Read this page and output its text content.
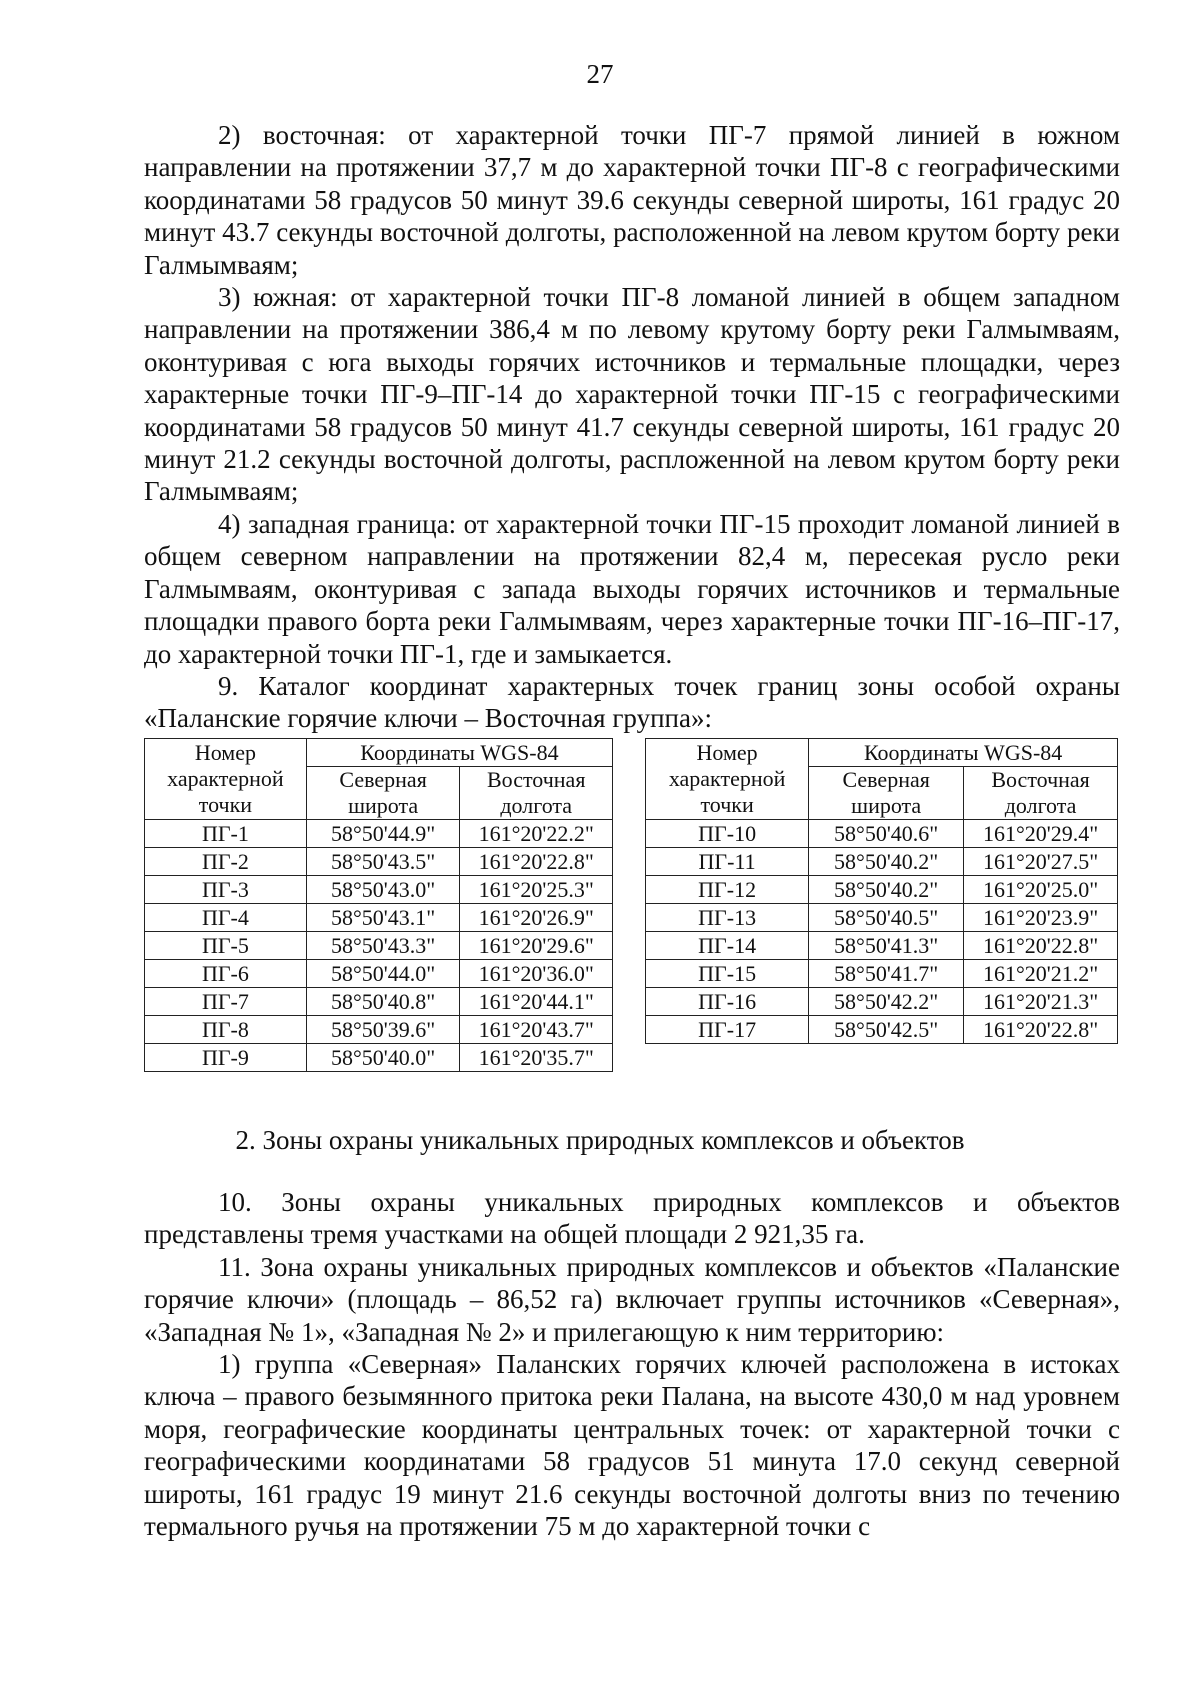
27

2) восточная: от характерной точки ПГ-7 прямой линией в южном направлении на протяжении 37,7 м до характерной точки ПГ-8 с географическими координатами 58 градусов 50 минут 39.6 секунды северной широты, 161 градус 20 минут 43.7 секунды восточной долготы, расположенной на левом крутом борту реки Галмымваям;

3) южная: от характерной точки ПГ-8 ломаной линией в общем западном направлении на протяжении 386,4 м по левому крутому борту реки Галмымваям, оконтуривая с юга выходы горячих источников и термальные площадки, через характерные точки ПГ-9–ПГ-14 до характерной точки ПГ-15 с географическими координатами 58 градусов 50 минут 41.7 секунды северной широты, 161 градус 20 минут 21.2 секунды восточной долготы, распложенной на левом крутом борту реки Галмымваям;

4) западная граница: от характерной точки ПГ-15 проходит ломаной линией в общем северном направлении на протяжении 82,4 м, пересекая русло реки Галмымваям, оконтуривая с запада выходы горячих источников и термальные площадки правого борта реки Галмымваям, через характерные точки ПГ-16–ПГ-17, до характерной точки ПГ-1, где и замыкается.

9. Каталог координат характерных точек границ зоны особой охраны «Паланские горячие ключи – Восточная группа»:

Номер характерной точки	Координаты WGS-84	
	Северная широта	Восточная долгота
ПГ-1	58°50'44.9"	161°20'22.2"
ПГ-2	58°50'43.5"	161°20'22.8"
ПГ-3	58°50'43.0"	161°20'25.3"
ПГ-4	58°50'43.1"	161°20'26.9"
ПГ-5	58°50'43.3"	161°20'29.6"
ПГ-6	58°50'44.0"	161°20'36.0"
ПГ-7	58°50'40.8"	161°20'44.1"
ПГ-8	58°50'39.6"	161°20'43.7"
ПГ-9	58°50'40.0"	161°20'35.7"
Номер характерной точки	Координаты WGS-84	
	Северная широта	Восточная долгота
ПГ-10	58°50'40.6"	161°20'29.4"
ПГ-11	58°50'40.2"	161°20'27.5"
ПГ-12	58°50'40.2"	161°20'25.0"
ПГ-13	58°50'40.5"	161°20'23.9"
ПГ-14	58°50'41.3"	161°20'22.8"
ПГ-15	58°50'41.7"	161°20'21.2"
ПГ-16	58°50'42.2"	161°20'21.3"
ПГ-17	58°50'42.5"	161°20'22.8"

2. Зоны охраны уникальных природных комплексов и объектов

10. Зоны охраны уникальных природных комплексов и объектов представлены тремя участками на общей площади 2 921,35 га.

11. Зона охраны уникальных природных комплексов и объектов «Паланские горячие ключи» (площадь – 86,52 га) включает группы источников «Северная», «Западная № 1», «Западная № 2» и прилегающую к ним территорию:

1) группа «Северная» Паланских горячих ключей расположена в истоках ключа – правого безымянного притока реки Палана, на высоте 430,0 м над уровнем моря, географические координаты центральных точек: от характерной точки с географическими координатами 58 градусов 51 минута 17.0 секунд северной широты, 161 градус 19 минут 21.6 секунды восточной долготы вниз по течению термального ручья на протяжении 75 м до характерной точки с
